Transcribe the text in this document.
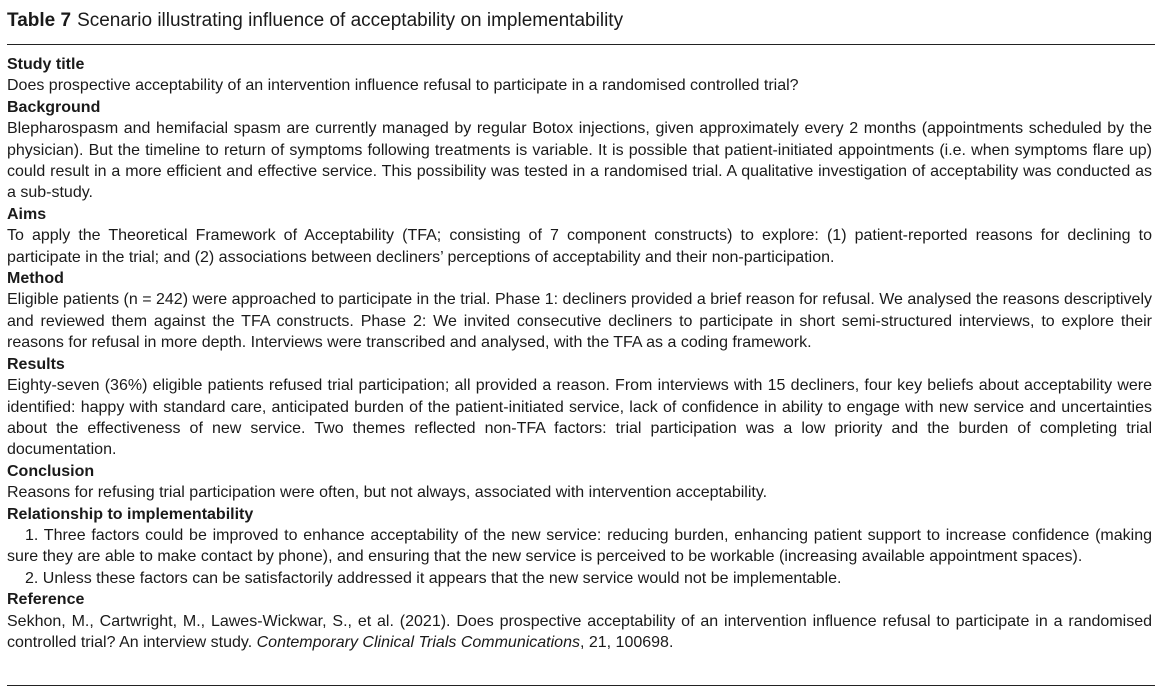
Table 7 Scenario illustrating influence of acceptability on implementability

Study title

Does prospective acceptability of an intervention influence refusal to participate in a randomised controlled trial?

Background

Blepharospasm and hemifacial spasm are currently managed by regular Botox injections, given approximately every 2 months (appointments scheduled by the physician). But the timeline to return of symptoms following treatments is variable. It is possible that patient-initiated appointments (i.e. when symptoms flare up) could result in a more efficient and effective service. This possibility was tested in a randomised trial. A qualitative investigation of acceptability was conducted as a sub-study.

Aims

To apply the Theoretical Framework of Acceptability (TFA; consisting of 7 component constructs) to explore: (1) patient-reported reasons for declining to participate in the trial; and (2) associations between decliners’ perceptions of acceptability and their non-participation.

Method

Eligible patients (n = 242) were approached to participate in the trial. Phase 1: decliners provided a brief reason for refusal. We analysed the reasons descriptively and reviewed them against the TFA constructs. Phase 2: We invited consecutive decliners to participate in short semi-structured interviews, to explore their reasons for refusal in more depth. Interviews were transcribed and analysed, with the TFA as a coding framework.

Results

Eighty-seven (36%) eligible patients refused trial participation; all provided a reason. From interviews with 15 decliners, four key beliefs about acceptability were identified: happy with standard care, anticipated burden of the patient-initiated service, lack of confidence in ability to engage with new service and uncertainties about the effectiveness of new service. Two themes reflected non-TFA factors: trial participation was a low priority and the burden of completing trial documentation.

Conclusion

Reasons for refusing trial participation were often, but not always, associated with intervention acceptability.

Relationship to implementability

1. Three factors could be improved to enhance acceptability of the new service: reducing burden, enhancing patient support to increase confidence (making sure they are able to make contact by phone), and ensuring that the new service is perceived to be workable (increasing available appointment spaces).

2. Unless these factors can be satisfactorily addressed it appears that the new service would not be implementable.

Reference

Sekhon, M., Cartwright, M., Lawes-Wickwar, S., et al. (2021). Does prospective acceptability of an intervention influence refusal to participate in a randomised controlled trial? An interview study. Contemporary Clinical Trials Communications, 21, 100698.
